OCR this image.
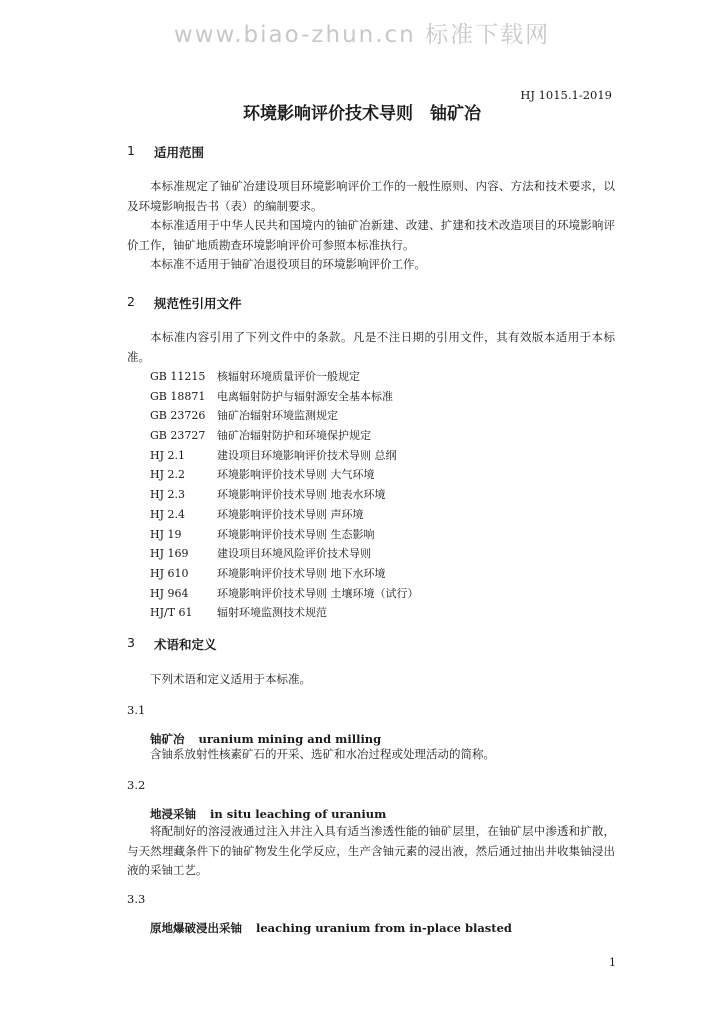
www.biao-zhun.cn 标准下载网
HJ 1015.1-2019
环境影响评价技术导则　铀矿冶
1 适用范围

本标准规定了铀矿冶建设项目环境影响评价工作的一般性原则、内容、方法和技术要求，以及环境影响报告书（表）的编制要求。

本标准适用于中华人民共和国境内的铀矿冶新建、改建、扩建和技术改造项目的环境影响评价工作，铀矿地质勘查环境影响评价可参照本标准执行。

本标准不适用于铀矿冶退役项目的环境影响评价工作。

2 规范性引用文件

本标准内容引用了下列文件中的条款。凡是不注日期的引用文件，其有效版本适用于本标准。

GB 11215	核辐射环境质量评价一般规定
GB 18871	电离辐射防护与辐射源安全基本标准
GB 23726	铀矿冶辐射环境监测规定
GB 23727	铀矿冶辐射防护和环境保护规定
HJ 2.1	建设项目环境影响评价技术导则 总纲
HJ 2.2	环境影响评价技术导则 大气环境
HJ 2.3	环境影响评价技术导则 地表水环境
HJ 2.4	环境影响评价技术导则 声环境
HJ 19	环境影响评价技术导则 生态影响
HJ 169	建设项目环境风险评价技术导则
HJ 610	环境影响评价技术导则 地下水环境
HJ 964	环境影响评价技术导则 土壤环境（试行）
HJ/T 61	辐射环境监测技术规范
3 术语和定义

下列术语和定义适用于本标准。

3.1
铀矿冶 uranium mining and milling

含铀系放射性核素矿石的开采、选矿和水冶过程或处理活动的简称。

3.2
地浸采铀 in situ leaching of uranium

将配制好的溶浸液通过注入井注入具有适当渗透性能的铀矿层里，在铀矿层中渗透和扩散，与天然埋藏条件下的铀矿物发生化学反应，生产含铀元素的浸出液，然后通过抽出井收集铀浸出液的采铀工艺。

3.3
原地爆破浸出采铀 leaching uranium from in-place blasted
1
